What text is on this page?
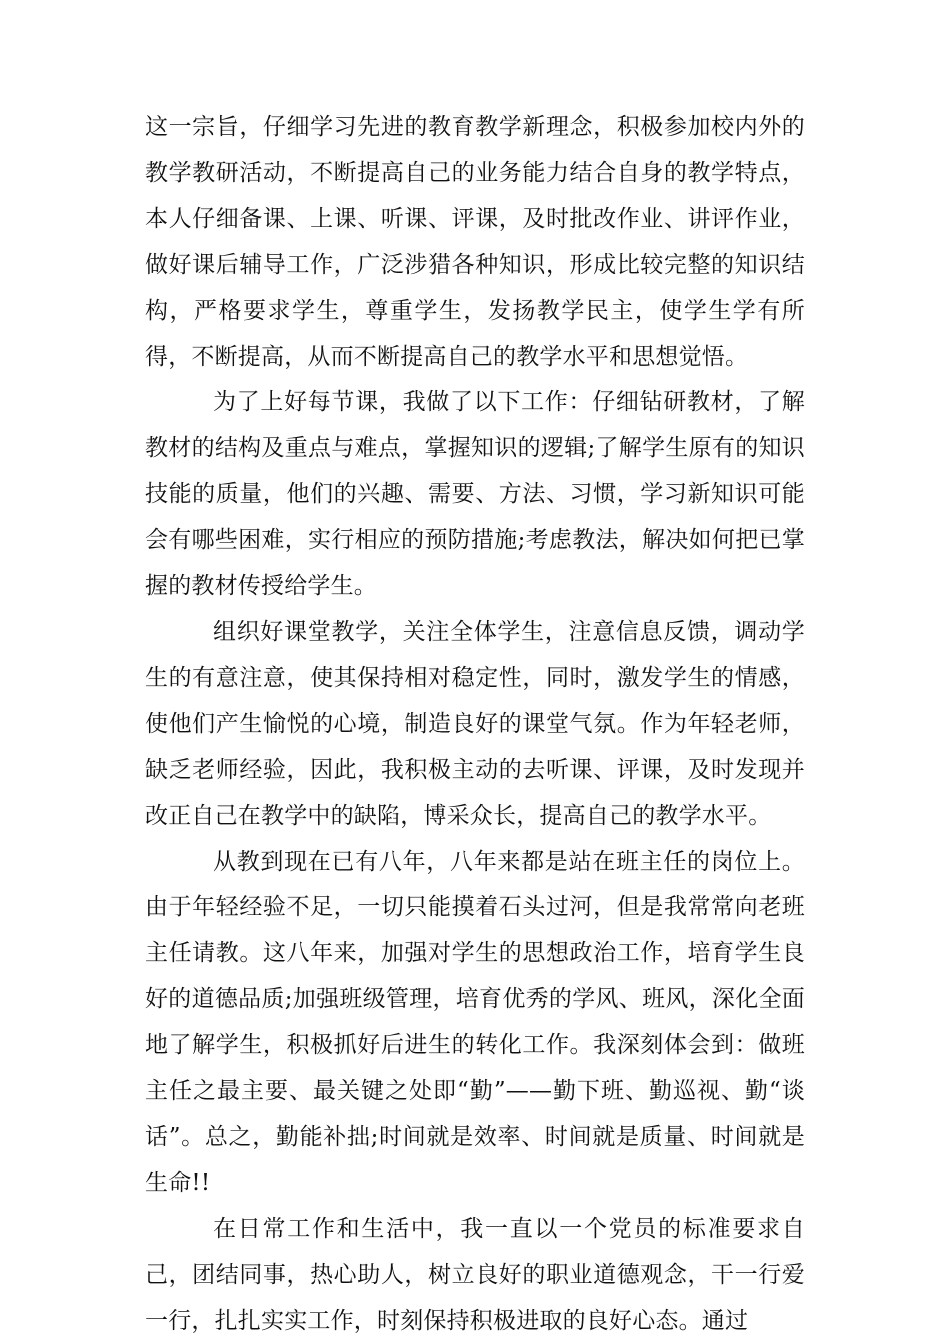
这一宗旨，仔细学习先进的教育教学新理念，积极参加校内外的教学教研活动，不断提高自己的业务能力结合自身的教学特点，本人仔细备课、上课、听课、评课，及时批改作业、讲评作业，做好课后辅导工作，广泛涉猎各种知识，形成比较完整的知识结构，严格要求学生，尊重学生，发扬教学民主，使学生学有所得，不断提高，从而不断提高自己的教学水平和思想觉悟。

为了上好每节课，我做了以下工作：仔细钻研教材，了解教材的结构及重点与难点，掌握知识的逻辑;了解学生原有的知识技能的质量，他们的兴趣、需要、方法、习惯，学习新知识可能会有哪些困难，实行相应的预防措施;考虑教法，解决如何把已掌握的教材传授给学生。

组织好课堂教学，关注全体学生，注意信息反馈，调动学生的有意注意，使其保持相对稳定性，同时，激发学生的情感，使他们产生愉悦的心境，制造良好的课堂气氛。作为年轻老师，缺乏老师经验，因此，我积极主动的去听课、评课，及时发现并改正自己在教学中的缺陷，博采众长，提高自己的教学水平。

从教到现在已有八年，八年来都是站在班主任的岗位上。由于年轻经验不足，一切只能摸着石头过河，但是我常常向老班主任请教。这八年来，加强对学生的思想政治工作，培育学生良好的道德品质;加强班级管理，培育优秀的学风、班风，深化全面地了解学生，积极抓好后进生的转化工作。我深刻体会到：做班主任之最主要、最关键之处即“勤”——勤下班、勤巡视、勤“谈话”。总之，勤能补拙;时间就是效率、时间就是质量、时间就是生命!!

在日常工作和生活中，我一直以一个党员的标准要求自己，团结同事，热心助人，树立良好的职业道德观念，干一行爱一行，扎扎实实工作，时刻保持积极进取的良好心态。通过
